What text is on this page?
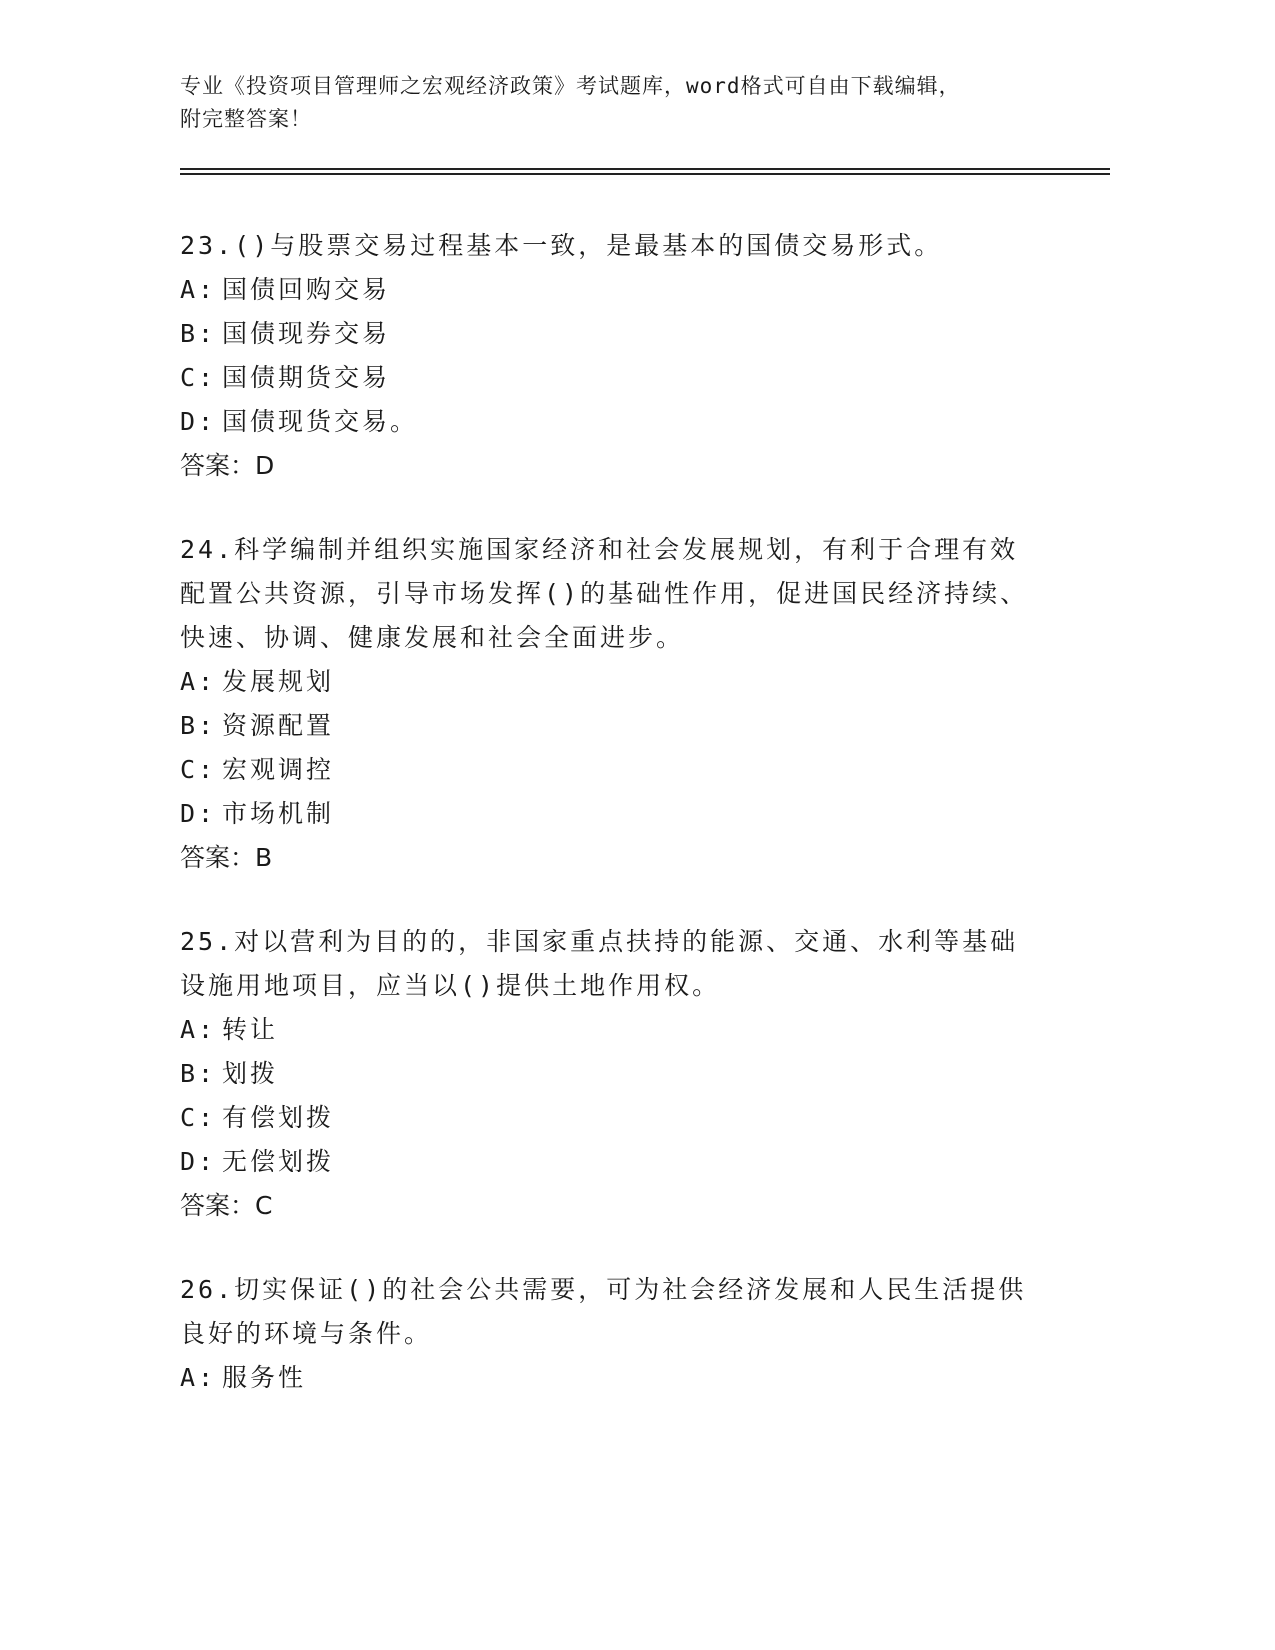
专业《投资项目管理师之宏观经济政策》考试题库，word格式可自由下载编辑，
附完整答案！

23.()与股票交易过程基本一致，是最基本的国债交易形式。

A: 国债回购交易

B: 国债现券交易

C: 国债期货交易

D: 国债现货交易。

答案：D

24.科学编制并组织实施国家经济和社会发展规划，有利于合理有效配置公共资源，引导市场发挥()的基础性作用，促进国民经济持续、快速、协调、健康发展和社会全面进步。

A: 发展规划

B: 资源配置

C: 宏观调控

D: 市场机制

答案：B

25.对以营利为目的的，非国家重点扶持的能源、交通、水利等基础设施用地项目，应当以()提供土地作用权。

A: 转让

B: 划拨

C: 有偿划拨

D: 无偿划拨

答案：C

26.切实保证()的社会公共需要，可为社会经济发展和人民生活提供良好的环境与条件。

A: 服务性
